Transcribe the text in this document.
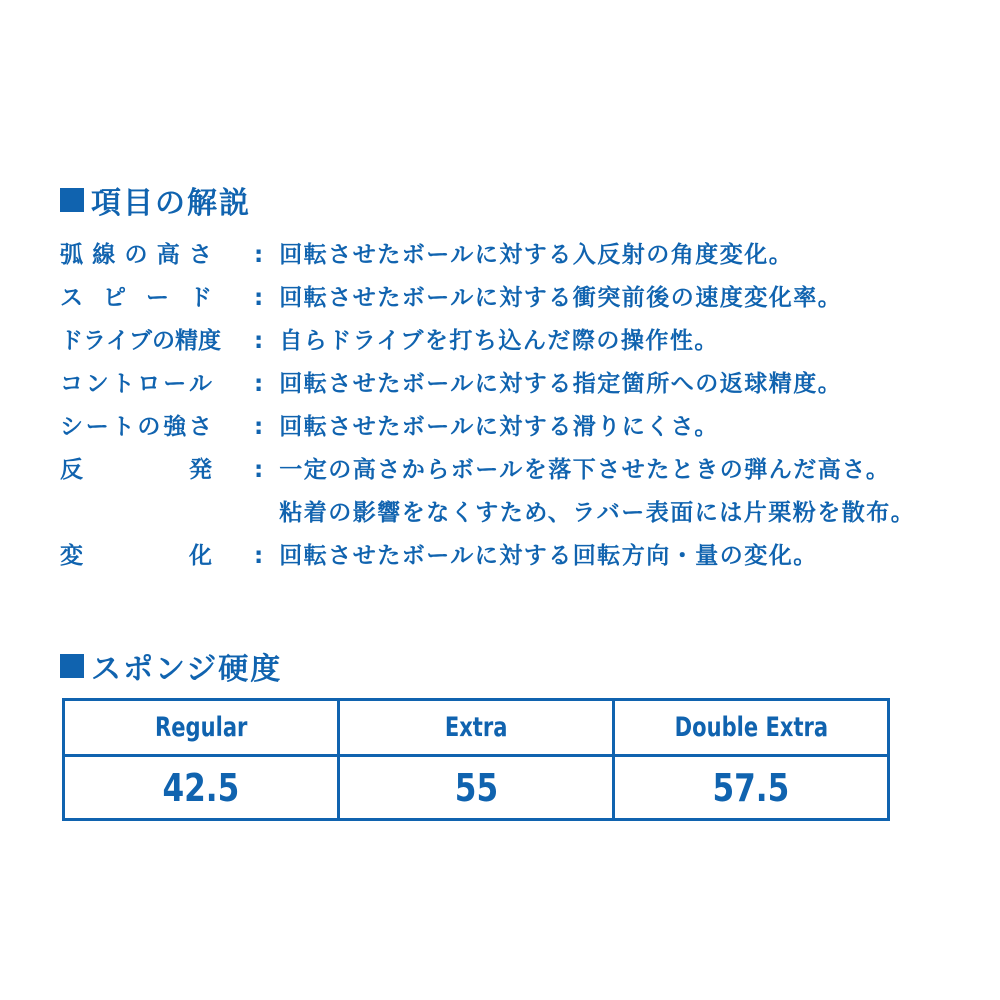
項目の解説
弧 線 の 高 さ : 回転させたボールに対する入反射の角度変化。
ス ピ ー ド : 回転させたボールに対する衝突前後の速度変化率。
ド ラ イ ブ の 精 度 : 自らドライブを打ち込んだ際の操作性。
コ ン ト ロ ー ル : 回転させたボールに対する指定箇所への返球精度。
シ ー ト の 強 さ : 回転させたボールに対する滑りにくさ。
反	発 : 一定の高さからボールを落下させたときの弾んだ高さ。
粘着の影響をなくすため、ラバー表面には片栗粉を散布。
変	化 : 回転させたボールに対する回転方向・量の変化。
スポンジ硬度
Regular	Extra	Double Extra
42.5	55	57.5
